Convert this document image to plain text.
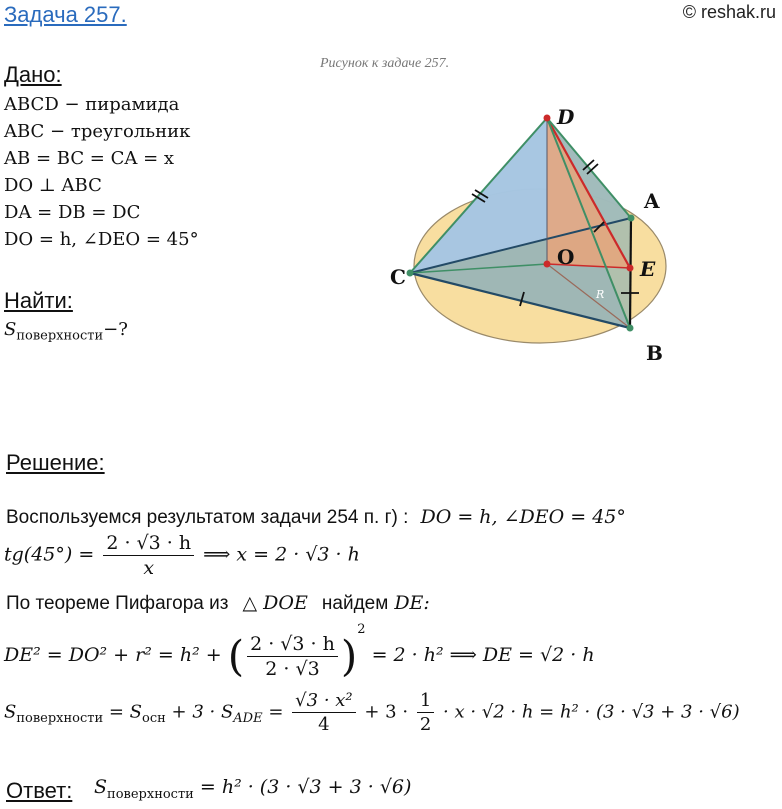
Задача 257.	© reshak.ru
Дано:
ABCD − пирамида
ABC − треугольник
AB = BC = CA = x
DO ⊥ ABC
DA = DB = DC
DO = h, ∠DEO = 45°
Найти:
$S_{поверхности}-$?
Рисунок к задаче 257.
D
A
C
O	E
B
R
Решение:
Воспользуемся результатом задачи 254 п. г) : DO = h, ∠DEO = 45°
$tg(45^\circ) = \frac{2 \cdot √3 \cdot h}{x}$ ⟹ x = 2 · √3 · h
По теореме Пифагора из △ DOE найдем DE:
DE² = DO² + r² = h² + ( $\frac{2 \cdot √3 \cdot h}{2 \cdot √3} )^2 = 2 \cdot h^2$ ⟹ DE = √2 · h
$S_{поверхности} = S_{осн} + 3 \cdot S_{ADE} = \frac{\text{√3 · x²}}{4} + 3 \cdot \frac{1}{2} \cdot x \cdot √2 \cdot h = h^2 \cdot (3 \cdot √3 + 3 \cdot √6)$
Ответ: $S_{поверхности} = h^2 \cdot (3 \cdot √3 + 3 \cdot √6)$
